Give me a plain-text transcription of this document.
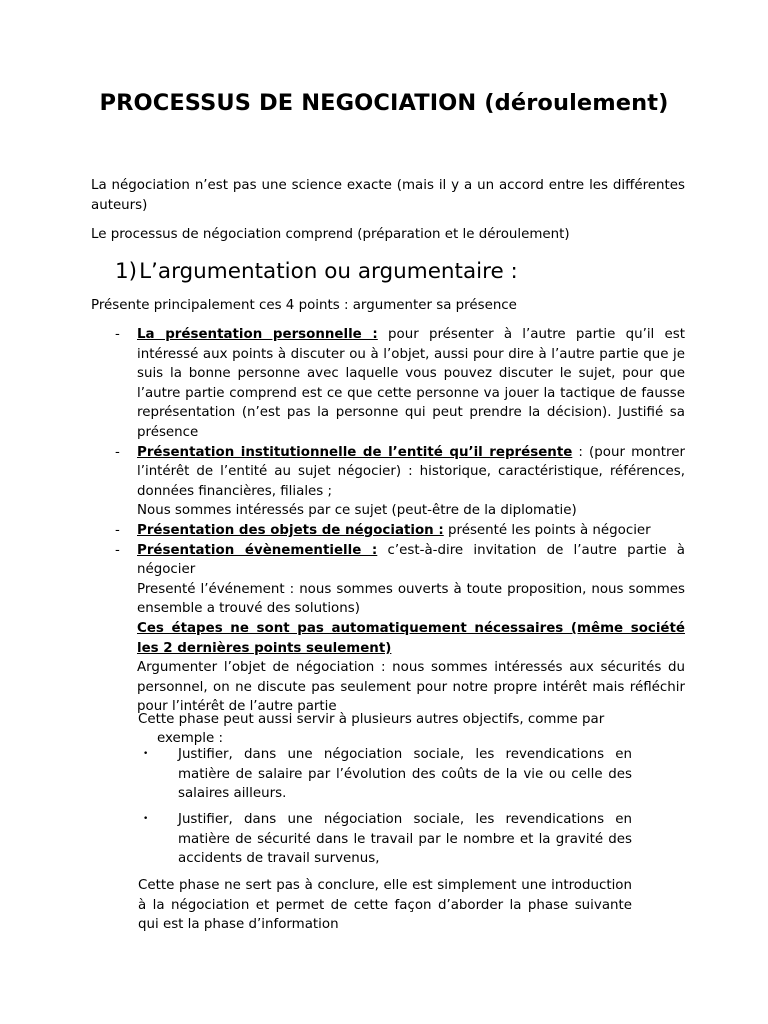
PROCESSUS DE NEGOCIATION (déroulement)
La négociation n’est pas une science exacte (mais il y a un accord entre les différentes auteurs)
Le processus de négociation comprend (préparation et le déroulement)
1)L’argumentation ou argumentaire :
Présente principalement ces 4 points : argumenter sa présence
- La présentation personnelle : pour présenter à l’autre partie qu’il est intéressé aux points à discuter ou à l’objet, aussi pour dire à l’autre partie que je suis la bonne personne avec laquelle vous pouvez discuter le sujet, pour que l’autre partie comprend est ce que cette personne va jouer la tactique de fausse représentation (n’est pas la personne qui peut prendre la décision). Justifié sa présence
- Présentation institutionnelle de l’entité qu’il représente : (pour montrer l’intérêt de l’entité au sujet négocier) : historique, caractéristique, références, données financières, filiales ;
Nous sommes intéressés par ce sujet (peut-être de la diplomatie)
- Présentation des objets de négociation : présenté les points à négocier
- Présentation évènementielle : c’est-à-dire invitation de l’autre partie à négocier
Presenté l’événement : nous sommes ouverts à toute proposition, nous sommes ensemble a trouvé des solutions)
Ces étapes ne sont pas automatiquement nécessaires (même société les 2 dernières points seulement)
Argumenter l’objet de négociation : nous sommes intéressés aux sécurités du personnel, on ne discute pas seulement pour notre propre intérêt mais réfléchir pour l’intérêt de l’autre partie
Cette phase peut aussi servir à plusieurs autres objectifs, comme par
exemple :
• Justifier, dans une négociation sociale, les revendications en matière de salaire par l’évolution des coûts de la vie ou celle des salaires ailleurs.
• Justifier, dans une négociation sociale, les revendications en matière de sécurité dans le travail par le nombre et la gravité des accidents de travail survenus,
Cette phase ne sert pas à conclure, elle est simplement une introduction à la négociation et permet de cette façon d’aborder la phase suivante qui est la phase d’information
